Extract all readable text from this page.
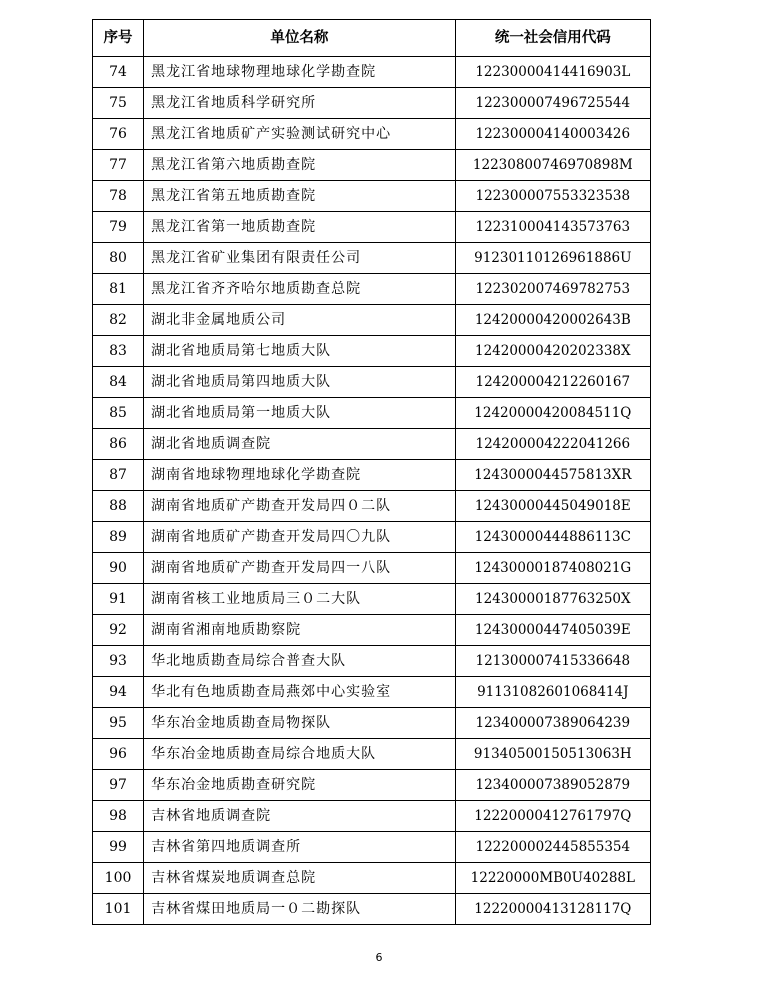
序号	单位名称	统一社会信用代码
74	黑龙江省地球物理地球化学勘查院	12230000414416903L
75	黑龙江省地质科学研究所	12230000749672554​4
76	黑龙江省地质矿产实验测试研究中心	122300004140003426
77	黑龙江省第六地质勘查院	12230800746970898M
78	黑龙江省第五地质勘查院	122300007553323538
79	黑龙江省第一地质勘查院	122310004143573763
80	黑龙江省矿业集团有限责任公司	91230110126961886U
81	黑龙江省齐齐哈尔地质勘查总院	122302007469782753
82	湖北非金属地质公司	12420000420002643B
83	湖北省地质局第七地质大队	12420000420202338X
84	湖北省地质局第四地质大队	124200004212260167
85	湖北省地质局第一地质大队	12420000420084511Q
86	湖北省地质调查院	124200004222041266
87	湖南省地球物理地球化学勘查院	1243000044575813XR
88	湖南省地质矿产勘查开发局四０二队	12430000445049018E
89	湖南省地质矿产勘查开发局四〇九队	12430000444886113C
90	湖南省地质矿产勘查开发局四一八队	12430000187408021G
91	湖南省核工业地质局三０二大队	12430000187763250X
92	湖南省湘南地质勘察院	12430000447405039E
93	华北地质勘查局综合普查大队	121300007415336648
94	华北有色地质勘查局燕郊中心实验室	91131082601068414J
95	华东冶金地质勘查局物探队	123400007389064239
96	华东冶金地质勘查局综合地质大队	91340500150513063H
97	华东冶金地质勘查研究院	123400007389052879
98	吉林省地质调查院	12220000412761797Q
99	吉林省第四地质调查所	122200002445855354
100	吉林省煤炭地质调查总院	12220000MB0U40288L
101	吉林省煤田地质局一０二勘探队	12220000413128117Q
6
